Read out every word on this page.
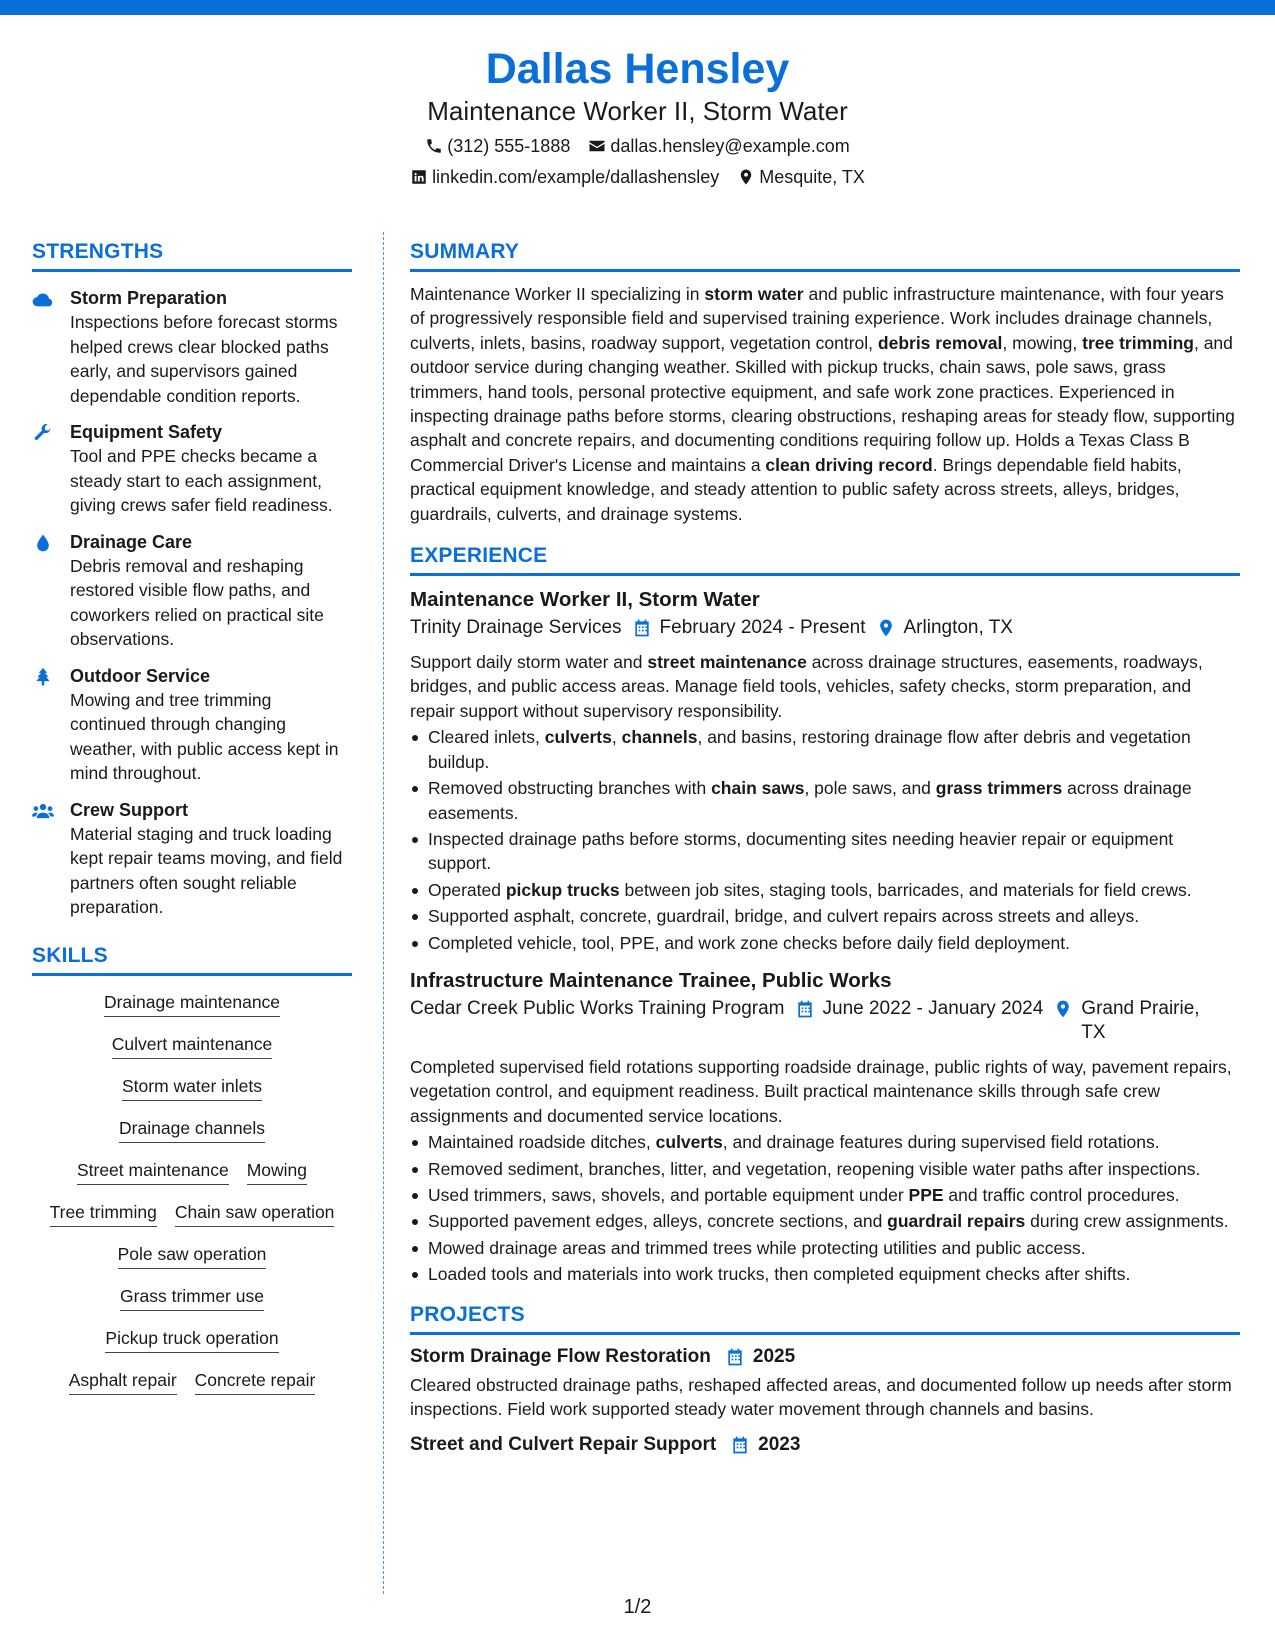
Dallas Hensley
Maintenance Worker II, Storm Water
(312) 555-1888 dallas.hensley@example.com
linkedin.com/example/dallashensley Mesquite, TX
STRENGTHS
Storm Preparation
Inspections before forecast storms helped crews clear blocked paths early, and supervisors gained dependable condition reports.
Equipment Safety
Tool and PPE checks became a steady start to each assignment, giving crews safer field readiness.
Drainage Care
Debris removal and reshaping restored visible flow paths, and coworkers relied on practical site observations.
Outdoor Service
Mowing and tree trimming continued through changing weather, with public access kept in mind throughout.
Crew Support
Material staging and truck loading kept repair teams moving, and field partners often sought reliable preparation.
SKILLS
Drainage maintenance
Culvert maintenance
Storm water inlets
Drainage channels
Street maintenance Mowing
Tree trimming Chain saw operation
Pole saw operation
Grass trimmer use
Pickup truck operation
Asphalt repair Concrete repair
SUMMARY
Maintenance Worker II specializing in storm water and public infrastructure maintenance, with four years of progressively responsible field and supervised training experience. Work includes drainage channels, culverts, inlets, basins, roadway support, vegetation control, debris removal, mowing, tree trimming, and outdoor service during changing weather. Skilled with pickup trucks, chain saws, pole saws, grass trimmers, hand tools, personal protective equipment, and safe work zone practices. Experienced in inspecting drainage paths before storms, clearing obstructions, reshaping areas for steady flow, supporting asphalt and concrete repairs, and documenting conditions requiring follow up. Holds a Texas Class B Commercial Driver's License and maintains a clean driving record. Brings dependable field habits, practical equipment knowledge, and steady attention to public safety across streets, alleys, bridges, guardrails, culverts, and drainage systems.
EXPERIENCE
Maintenance Worker II, Storm Water
Trinity Drainage Services February 2024 - Present Arlington, TX
Support daily storm water and street maintenance across drainage structures, easements, roadways, bridges, and public access areas. Manage field tools, vehicles, safety checks, storm preparation, and repair support without supervisory responsibility.
Cleared inlets, culverts, channels, and basins, restoring drainage flow after debris and vegetation buildup.
Removed obstructing branches with chain saws, pole saws, and grass trimmers across drainage easements.
Inspected drainage paths before storms, documenting sites needing heavier repair or equipment support.
Operated pickup trucks between job sites, staging tools, barricades, and materials for field crews.
Supported asphalt, concrete, guardrail, bridge, and culvert repairs across streets and alleys.
Completed vehicle, tool, PPE, and work zone checks before daily field deployment.
Infrastructure Maintenance Trainee, Public Works
Cedar Creek Public Works Training Program June 2022 - January 2024 Grand Prairie, TX
Completed supervised field rotations supporting roadside drainage, public rights of way, pavement repairs, vegetation control, and equipment readiness. Built practical maintenance skills through safe crew assignments and documented service locations.
Maintained roadside ditches, culverts, and drainage features during supervised field rotations.
Removed sediment, branches, litter, and vegetation, reopening visible water paths after inspections.
Used trimmers, saws, shovels, and portable equipment under PPE and traffic control procedures.
Supported pavement edges, alleys, concrete sections, and guardrail repairs during crew assignments.
Mowed drainage areas and trimmed trees while protecting utilities and public access.
Loaded tools and materials into work trucks, then completed equipment checks after shifts.
PROJECTS
Storm Drainage Flow Restoration 2025
Cleared obstructed drainage paths, reshaped affected areas, and documented follow up needs after storm inspections. Field work supported steady water movement through channels and basins.
Street and Culvert Repair Support 2023
1/2
